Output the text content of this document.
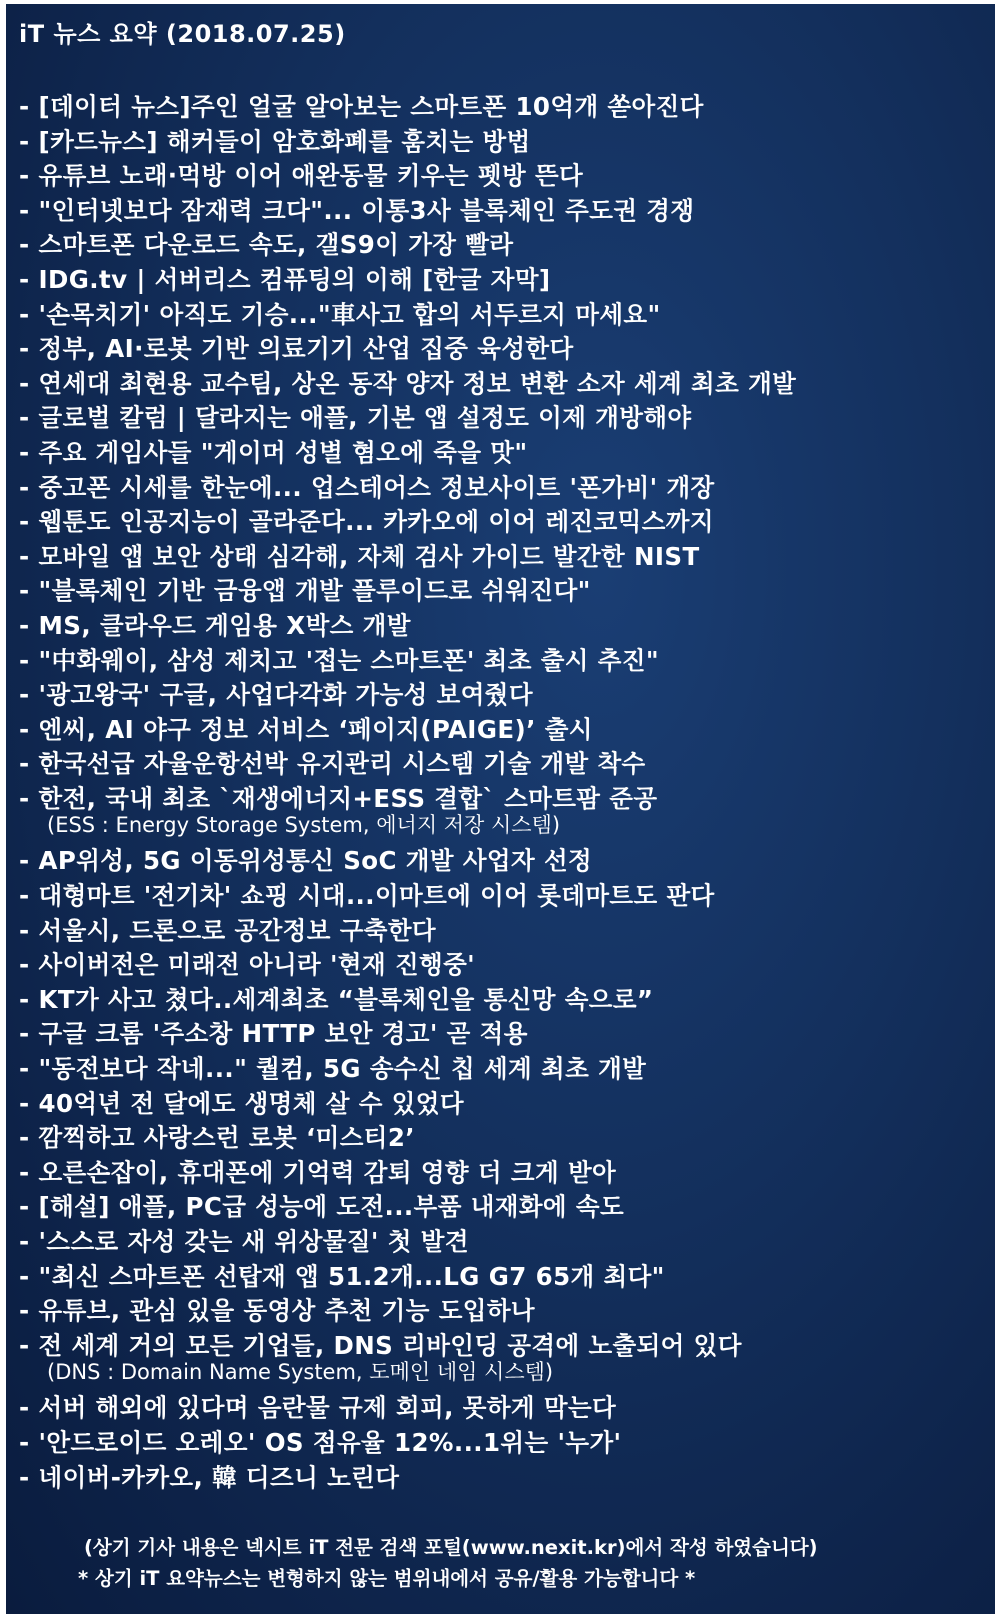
iT 뉴스 요약 (2018.07.25)
- [데이터 뉴스]주인 얼굴 알아보는 스마트폰 10억개 쏟아진다
- [카드뉴스] 해커들이 암호화폐를 훔치는 방법
- 유튜브 노래·먹방 이어 애완동물 키우는 펫방 뜬다
- "인터넷보다 잠재력 크다"... 이통3사 블록체인 주도권 경쟁
- 스마트폰 다운로드 속도, 갤S9이 가장 빨라
- IDG.tv | 서버리스 컴퓨팅의 이해 [한글 자막]
- '손목치기' 아직도 기승..."車사고 합의 서두르지 마세요"
- 정부, AI·로봇 기반 의료기기 산업 집중 육성한다
- 연세대 최현용 교수팀, 상온 동작 양자 정보 변환 소자 세계 최초 개발
- 글로벌 칼럼 | 달라지는 애플, 기본 앱 설정도 이제 개방해야
- 주요 게임사들 "게이머 성별 혐오에 죽을 맛"
- 중고폰 시세를 한눈에... 업스테어스 정보사이트 '폰가비' 개장
- 웹툰도 인공지능이 골라준다... 카카오에 이어 레진코믹스까지
- 모바일 앱 보안 상태 심각해, 자체 검사 가이드 발간한 NIST
- "블록체인 기반 금융앱 개발 플루이드로 쉬워진다"
- MS, 클라우드 게임용 X박스 개발
- "中화웨이, 삼성 제치고 '접는 스마트폰' 최초 출시 추진"
- '광고왕국' 구글, 사업다각화 가능성 보여줬다
- 엔씨, AI 야구 정보 서비스 ‘페이지(PAIGE)’ 출시
- 한국선급 자율운항선박 유지관리 시스템 기술 개발 착수
- 한전, 국내 최초 `재생에너지+ESS 결합` 스마트팜 준공
(ESS : Energy Storage System, 에너지 저장 시스템)
- AP위성, 5G 이동위성통신 SoC 개발 사업자 선정
- 대형마트 '전기차' 쇼핑 시대...이마트에 이어 롯데마트도 판다
- 서울시, 드론으로 공간정보 구축한다
- 사이버전은 미래전 아니라 '현재 진행중'
- KT가 사고 쳤다..세계최초 “블록체인을 통신망 속으로”
- 구글 크롬 '주소창 HTTP 보안 경고' 곧 적용
- "동전보다 작네..." 퀄컴, 5G 송수신 칩 세계 최초 개발
- 40억년 전 달에도 생명체 살 수 있었다
- 깜찍하고 사랑스런 로봇 ‘미스티2’
- 오른손잡이, 휴대폰에 기억력 감퇴 영향 더 크게 받아
- [해설] 애플, PC급 성능에 도전...부품 내재화에 속도
- '스스로 자성 갖는 새 위상물질' 첫 발견
- "최신 스마트폰 선탑재 앱 51.2개...LG G7 65개 최다"
- 유튜브, 관심 있을 동영상 추천 기능 도입하나
- 전 세계 거의 모든 기업들, DNS 리바인딩 공격에 노출되어 있다
(DNS : Domain Name System, 도메인 네임 시스템)
- 서버 해외에 있다며 음란물 규제 회피, 못하게 막는다
- '안드로이드 오레오' OS 점유율 12%...1위는 '누가'
- 네이버-카카오, 韓 디즈니 노린다
(상기 기사 내용은 넥시트 iT 전문 검색 포털(www.nexit.kr)에서 작성 하였습니다)
* 상기 iT 요약뉴스는 변형하지 않는 범위내에서 공유/활용 가능합니다 *
